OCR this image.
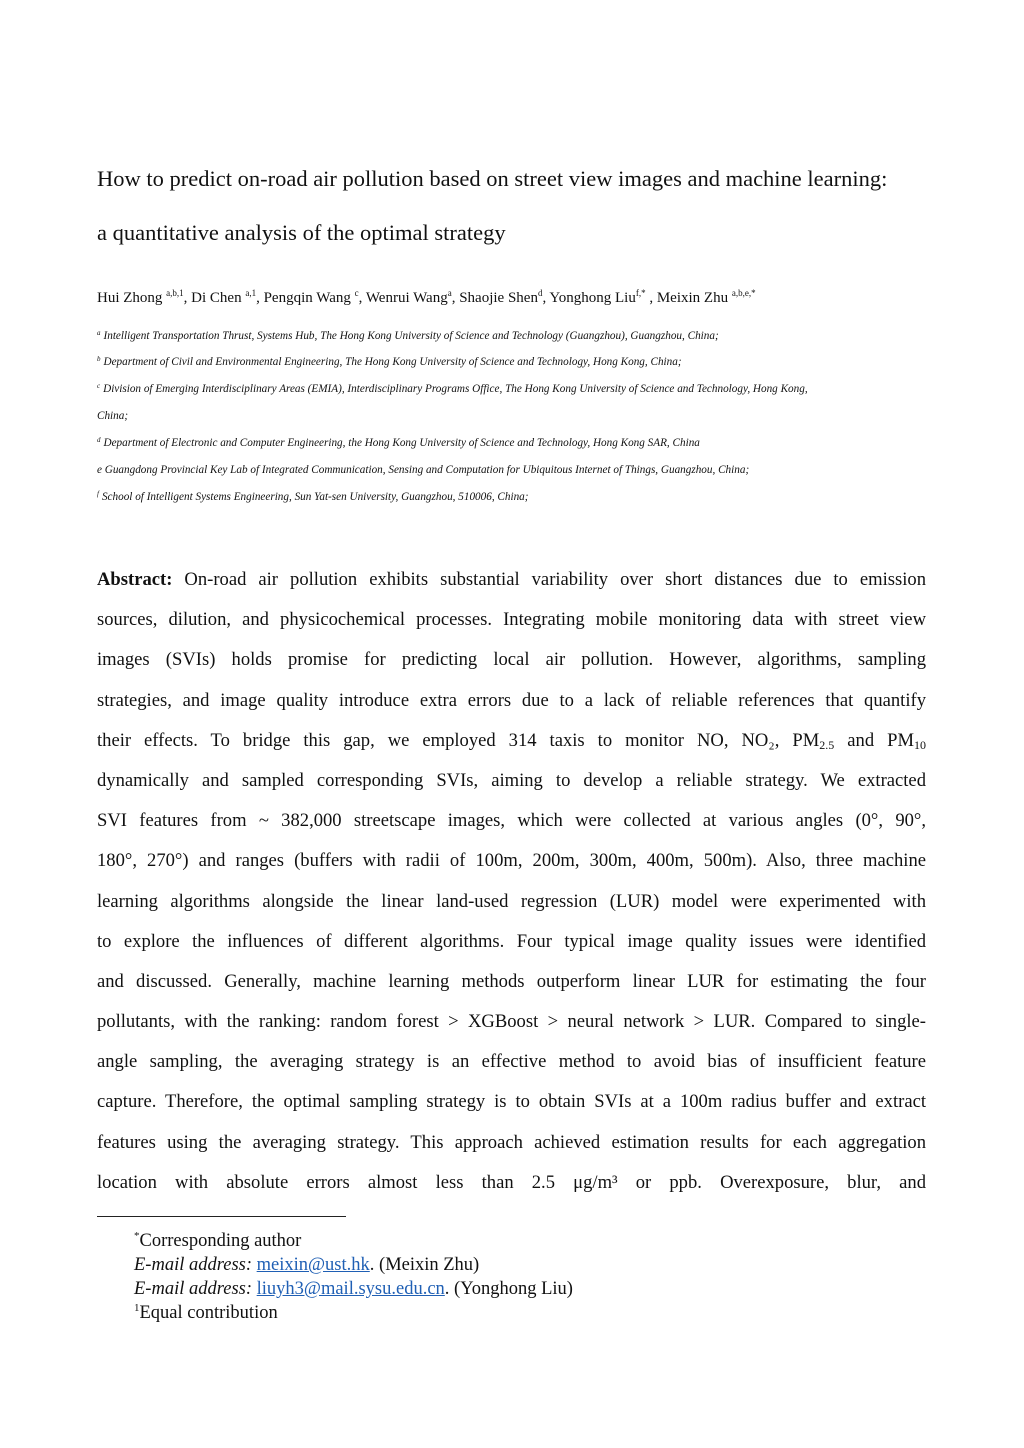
How to predict on-road air pollution based on street view images and machine learning:
a quantitative analysis of the optimal strategy
Hui Zhong $^{a,b,1}$, Di Chen $^{a,1}$, Pengqin Wang $^c$, Wenrui Wang$^a$, Shaojie Shen$^d$, Yonghong Liu$^{f,*}$ , Meixin Zhu $^{a,b,e,*}$
$^a$ Intelligent Transportation Thrust, Systems Hub, The Hong Kong University of Science and Technology (Guangzhou), Guangzhou, China;
$^b$ Department of Civil and Environmental Engineering, The Hong Kong University of Science and Technology, Hong Kong, China;
$^c$ Division of Emerging Interdisciplinary Areas (EMIA), Interdisciplinary Programs Office, The Hong Kong University of Science and Technology, Hong Kong,
China;
$^d$ Department of Electronic and Computer Engineering, the Hong Kong University of Science and Technology, Hong Kong SAR, China
e Guangdong Provincial Key Lab of Integrated Communication, Sensing and Computation for Ubiquitous Internet of Things, Guangzhou, China;
$^f$ School of Intelligent Systems Engineering, Sun Yat-sen University, Guangzhou, 510006, China;
Abstract: On-road air pollution exhibits substantial variability over short distances due to emission
sources, dilution, and physicochemical processes. Integrating mobile monitoring data with street view
images (SVIs) holds promise for predicting local air pollution. However, algorithms, sampling
strategies, and image quality introduce extra errors due to a lack of reliable references that quantify
their effects. To bridge this gap, we employed 314 taxis to monitor NO, NO₂, $PM_{2.5}$ and $PM_{10}$
dynamically and sampled corresponding SVIs, aiming to develop a reliable strategy. We extracted
SVI features from ~ 382,000 streetscape images, which were collected at various angles (0°, 90°,
180°, 270°) and ranges (buffers with radii of 100m, 200m, 300m, 400m, 500m). Also, three machine
learning algorithms alongside the linear land-used regression (LUR) model were experimented with
to explore the influences of different algorithms. Four typical image quality issues were identified
and discussed. Generally, machine learning methods outperform linear LUR for estimating the four
pollutants, with the ranking: random forest > XGBoost > neural network > LUR. Compared to single-
angle sampling, the averaging strategy is an effective method to avoid bias of insufficient feature
capture. Therefore, the optimal sampling strategy is to obtain SVIs at a 100m radius buffer and extract
features using the averaging strategy. This approach achieved estimation results for each aggregation
location with absolute errors almost less than 2.5 μg/m³ or ppb. Overexposure, blur, and
*Corresponding author
E-mail address: meixin@ust.hk. (Meixin Zhu)
E-mail address: liuyh3@mail.sysu.edu.cn. (Yonghong Liu)
$^1$Equal contribution
